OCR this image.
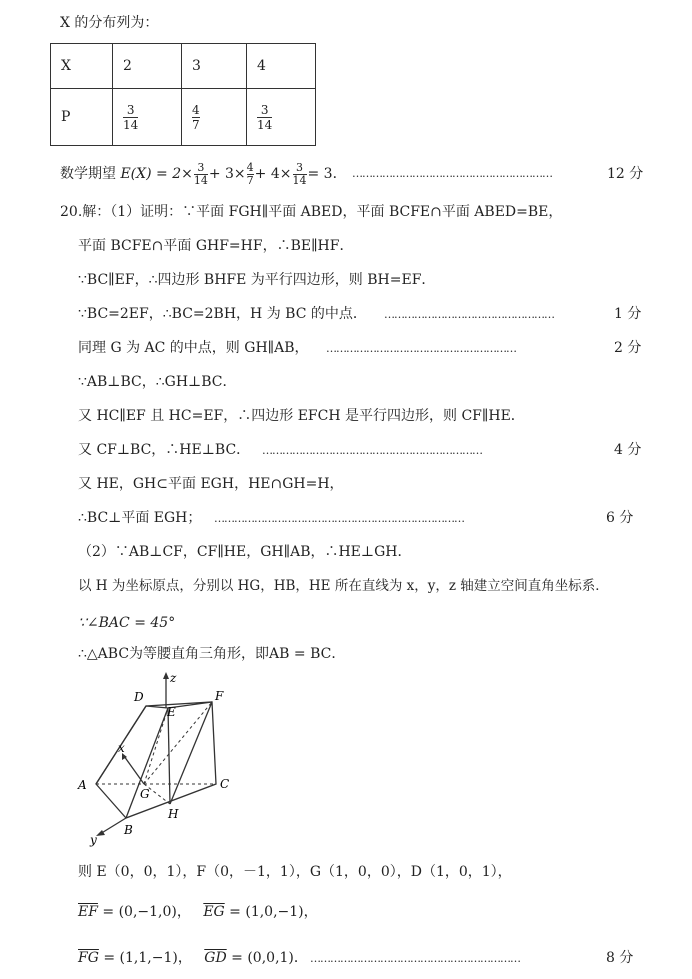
X 的分布列为：
X	2	3	4
P	$\frac{3}{14}$	$\frac{4}{7}$	$\frac{3}{14}$
数学期望 $E(X) = 2\times \frac{3}{14} + 3\times \frac{4}{7} + 4\times \frac{3}{14} = 3$． ……………………………………………………	12 分
20.解：（1）证明：∵平面 FGH∥平面 ABED，平面 BCFE∩平面 ABED=BE，
平面 BCFE∩平面 GHF=HF，∴BE∥HF．
∵BC∥EF，∴四边形 BHFE 为平行四边形，则 BH=EF．
∵BC=2EF，∴BC=2BH，H 为 BC 的中点． ……………………………………………	1 分
同理 G 为 AC 的中点，则 GH∥AB， …………………………………………………	2 分
∵AB⊥BC，∴GH⊥BC．
又 HC∥EF 且 HC=EF，∴四边形 EFCH 是平行四边形，则 CF∥HE．
又 CF⊥BC，∴HE⊥BC． …………………………………………………………	4 分
又 HE，GH⊂平面 EGH，HE∩GH=H，
∴BC⊥平面 EGH； …………………………………………………………………	6 分
（2）∵AB⊥CF，CF∥HE，GH∥AB，∴HE⊥GH．
以 H 为坐标原点，分别以 HG，HB，HE 所在直线为 x，y，z 轴建立空间直角坐标系．
∵∠BAC = 45°
∴△ABC为等腰直角三角形，即AB = BC．
D
E
F
A
G
C
H
B
x
y
z
则 E（0，0，1），F（0，－1，1），G（1，0，0），D（1，0，1），
$\overline{EF} = (0,-1,0)$， $\overline{EG} = (1,0,-1)$，
$\overline{FG} = (1,1,-1)$， $\overline{GD} = (0,0,1)$． ………………………………………………………	8 分
